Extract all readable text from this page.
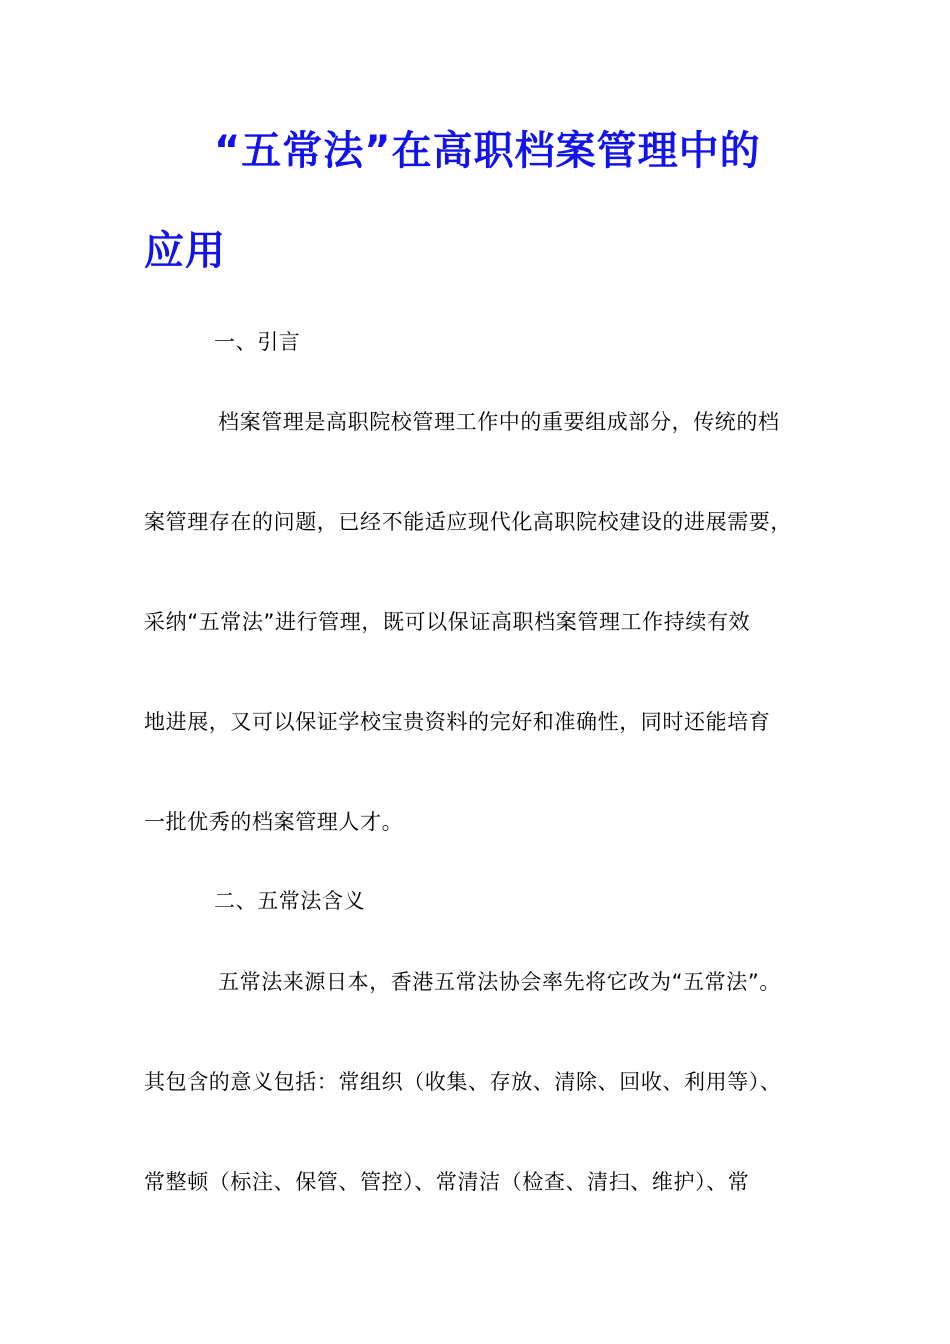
“五常法”在高职档案管理中的
应用
一、引言
档案管理是高职院校管理工作中的重要组成部分，传统的档
案管理存在的问题，已经不能适应现代化高职院校建设的进展需要，
采纳“五常法”进行管理，既可以保证高职档案管理工作持续有效
地进展，又可以保证学校宝贵资料的完好和准确性，同时还能培育
一批优秀的档案管理人才。
二、五常法含义
五常法来源日本，香港五常法协会率先将它改为“五常法”。
其包含的意义包括：常组织（收集、存放、清除、回收、利用等）、
常整顿（标注、保管、管控）、常清洁（检查、清扫、维护）、常
